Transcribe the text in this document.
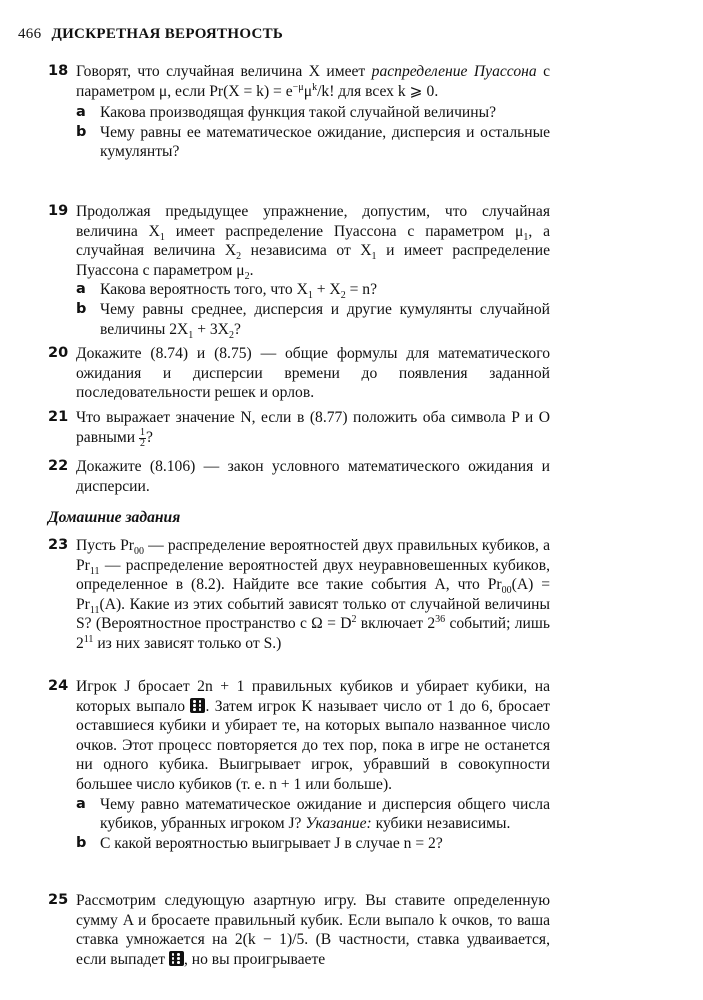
466 ДИСКРЕТНАЯ ВЕРОЯТНОСТЬ
18 Говорят, что случайная величина X имеет распределение Пуассона с параметром μ, если $Pr(X = k) = e^{-\mu}\mu^k/k$! для всех k ⩾ 0.
a Какова производящая функция такой случайной величины?
b Чему равны ее математическое ожидание, дисперсия и остальные кумулянты?
19 Продолжая предыдущее упражнение, допустим, что случайная величина $X_1$ имеет распределение Пуассона с параметром $\mu_1$, а случайная величина $X_2$ независима от $X_1$ и имеет распределение Пуассона с параметром $\mu_2$.
a Какова вероятность того, что $X_1 + X_2 = n$?
b Чему равны среднее, дисперсия и другие кумулянты случайной величины $2X_1 + 3X_2$?
20 Докажите (8.74) и (8.75) — общие формулы для математического ожидания и дисперсии времени до появления заданной последовательности решек и орлов.
21 Что выражает значение N, если в (8.77) положить оба символа P и O равными $\frac{1}{2}$ ?
22 Докажите (8.106) — закон условного математического ожидания и дисперсии.
Домашние задания
23 Пусть $Pr_{00}$ — распределение вероятностей двух правильных кубиков, а $Pr_{11}$ — распределение вероятностей двух неуравновешенных кубиков, определенное в (8.2). Найдите все такие события A, что $Pr_{00}(A) = Pr_{11}(A)$. Какие из этих событий зависят только от случайной величины S? (Вероятностное пространство с $\Omega = D^2$ включает $2^{36}$ событий; лишь $2^{11}$ из них зависят только от S.)
24 Игрок J бросает 2n + 1 правильных кубиков и убирает кубики, на которых выпало
. Затем игрок K называет число от 1 до 6, бросает оставшиеся кубики и убирает те, на которых выпало названное число очков. Этот процесс повторяется до тех пор, пока в игре не останется ни одного кубика. Выигрывает игрок, убравший в совокупности большее число кубиков (т. е. n + 1 или больше).
a Чему равно математическое ожидание и дисперсия общего числа кубиков, убранных игроком J? Указание: кубики независимы.
b С какой вероятностью выигрывает J в случае n = 2?
25 Рассмотрим следующую азартную игру. Вы ставите определенную сумму A и бросаете правильный кубик. Если выпало k очков, то ваша ставка умножается на 2(k − 1)/5. (В частности, ставка удваивается, если выпадет
, но вы проигрываете
